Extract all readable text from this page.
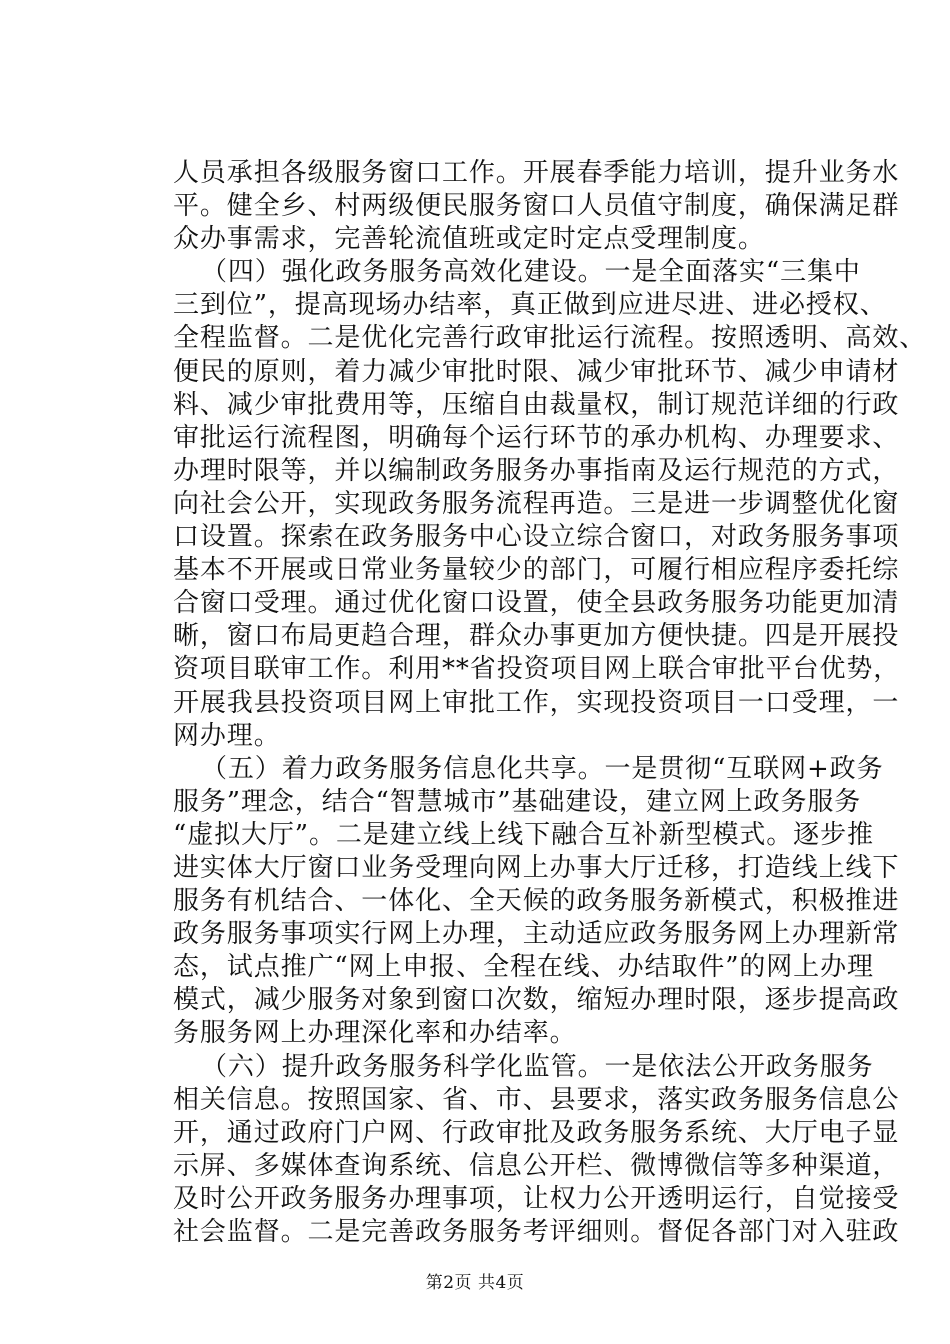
人员承担各级服务窗口工作。开展春季能力培训，提升业务水
平。健全乡、村两级便民服务窗口人员值守制度，确保满足群
众办事需求，完善轮流值班或定时定点受理制度。
（四）强化政务服务高效化建设。一是全面落实“三集中
三到位”，提高现场办结率，真正做到应进尽进、进必授权、
全程监督。二是优化完善行政审批运行流程。按照透明、高效、
便民的原则，着力减少审批时限、减少审批环节、减少申请材
料、减少审批费用等，压缩自由裁量权，制订规范详细的行政
审批运行流程图，明确每个运行环节的承办机构、办理要求、
办理时限等，并以编制政务服务办事指南及运行规范的方式，
向社会公开，实现政务服务流程再造。三是进一步调整优化窗
口设置。探索在政务服务中心设立综合窗口，对政务服务事项
基本不开展或日常业务量较少的部门，可履行相应程序委托综
合窗口受理。通过优化窗口设置，使全县政务服务功能更加清
晰，窗口布局更趋合理，群众办事更加方便快捷。四是开展投
资项目联审工作。利用**省投资项目网上联合审批平台优势，
开展我县投资项目网上审批工作，实现投资项目一口受理，一
网办理。
（五）着力政务服务信息化共享。一是贯彻“互联网+政务
服务”理念，结合“智慧城市”基础建设，建立网上政务服务
“虚拟大厅”。二是建立线上线下融合互补新型模式。逐步推
进实体大厅窗口业务受理向网上办事大厅迁移，打造线上线下
服务有机结合、一体化、全天候的政务服务新模式，积极推进
政务服务事项实行网上办理，主动适应政务服务网上办理新常
态，试点推广“网上申报、全程在线、办结取件”的网上办理
模式，减少服务对象到窗口次数，缩短办理时限，逐步提高政
务服务网上办理深化率和办结率。
（六）提升政务服务科学化监管。一是依法公开政务服务
相关信息。按照国家、省、市、县要求，落实政务服务信息公
开，通过政府门户网、行政审批及政务服务系统、大厅电子显
示屏、多媒体查询系统、信息公开栏、微博微信等多种渠道，
及时公开政务服务办理事项，让权力公开透明运行，自觉接受
社会监督。二是完善政务服务考评细则。督促各部门对入驻政
第2页 共4页
